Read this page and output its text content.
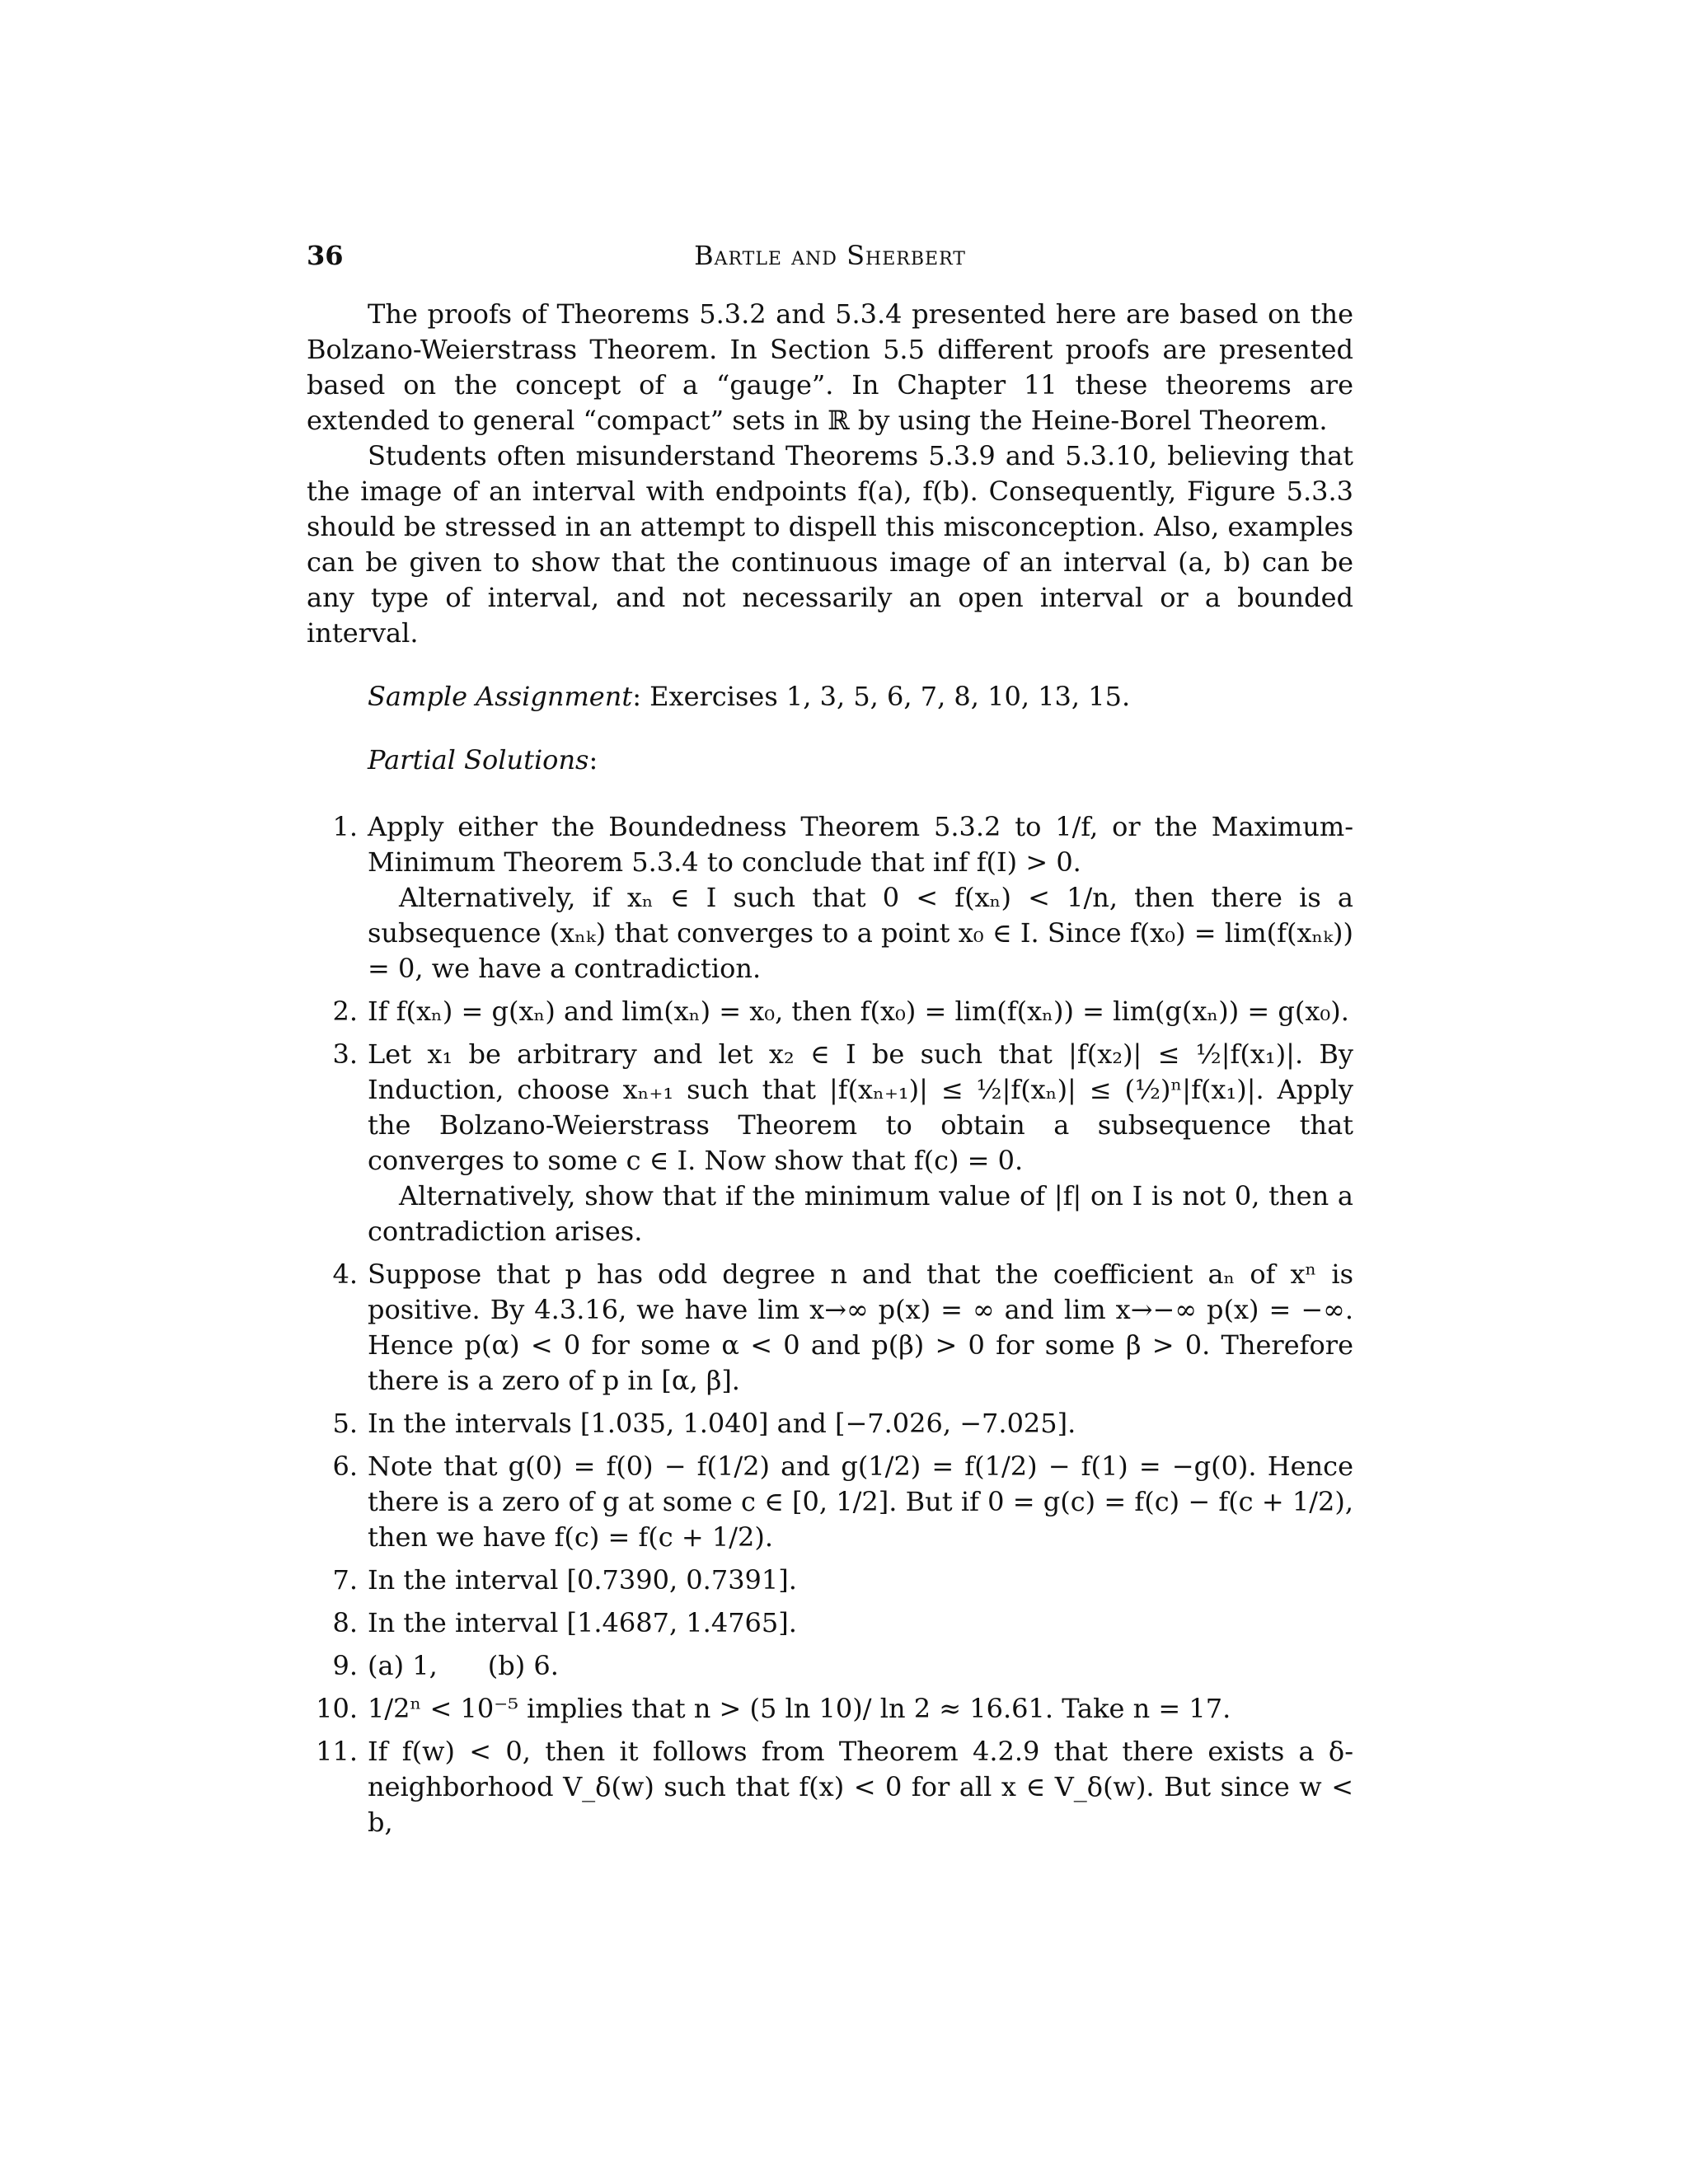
36	Bartle and Sherbert

The proofs of Theorems 5.3.2 and 5.3.4 presented here are based on the Bolzano-Weierstrass Theorem. In Section 5.5 different proofs are presented based on the concept of a “gauge”. In Chapter 11 these theorems are extended to general “compact” sets in ℝ by using the Heine-Borel Theorem.

Students often misunderstand Theorems 5.3.9 and 5.3.10, believing that the image of an interval with endpoints f(a), f(b). Consequently, Figure 5.3.3 should be stressed in an attempt to dispell this misconception. Also, examples can be given to show that the continuous image of an interval (a, b) can be any type of interval, and not necessarily an open interval or a bounded interval.

Sample Assignment: Exercises 1, 3, 5, 6, 7, 8, 10, 13, 15.

Partial Solutions:

1. Apply either the Boundedness Theorem 5.3.2 to 1/f, or the Maximum-Minimum Theorem 5.3.4 to conclude that inf f(I) > 0.

Alternatively, if xₙ ∈ I such that 0 < f(xₙ) < 1/n, then there is a subsequence (xₙₖ) that converges to a point x₀ ∈ I. Since f(x₀) = lim(f(xₙₖ)) = 0, we have a contradiction.

2. If f(xₙ) = g(xₙ) and lim(xₙ) = x₀, then f(x₀) = lim(f(xₙ)) = lim(g(xₙ)) = g(x₀).

3. Let x₁ be arbitrary and let x₂ ∈ I be such that |f(x₂)| ≤ ½|f(x₁)|. By Induction, choose xₙ₊₁ such that |f(xₙ₊₁)| ≤ ½|f(xₙ)| ≤ (½)ⁿ|f(x₁)|. Apply the Bolzano-Weierstrass Theorem to obtain a subsequence that converges to some c ∈ I. Now show that f(c) = 0.

Alternatively, show that if the minimum value of |f| on I is not 0, then a contradiction arises.

4. Suppose that p has odd degree n and that the coefficient aₙ of xⁿ is positive. By 4.3.16, we have lim x→∞ p(x) = ∞ and lim x→−∞ p(x) = −∞. Hence p(α) < 0 for some α < 0 and p(β) > 0 for some β > 0. Therefore there is a zero of p in [α, β].

5. In the intervals [1.035, 1.040] and [−7.026, −7.025].

6. Note that g(0) = f(0) − f(1/2) and g(1/2) = f(1/2) − f(1) = −g(0). Hence there is a zero of g at some c ∈ [0, 1/2]. But if 0 = g(c) = f(c) − f(c + 1/2), then we have f(c) = f(c + 1/2).

7. In the interval [0.7390, 0.7391].

8. In the interval [1.4687, 1.4765].

9. (a) 1,      (b) 6.

10. 1/2ⁿ < 10⁻⁵ implies that n > (5 ln 10)/ ln 2 ≈ 16.61. Take n = 17.

11. If f(w) < 0, then it follows from Theorem 4.2.9 that there exists a δ-neighborhood V_δ(w) such that f(x) < 0 for all x ∈ V_δ(w). But since w < b,
